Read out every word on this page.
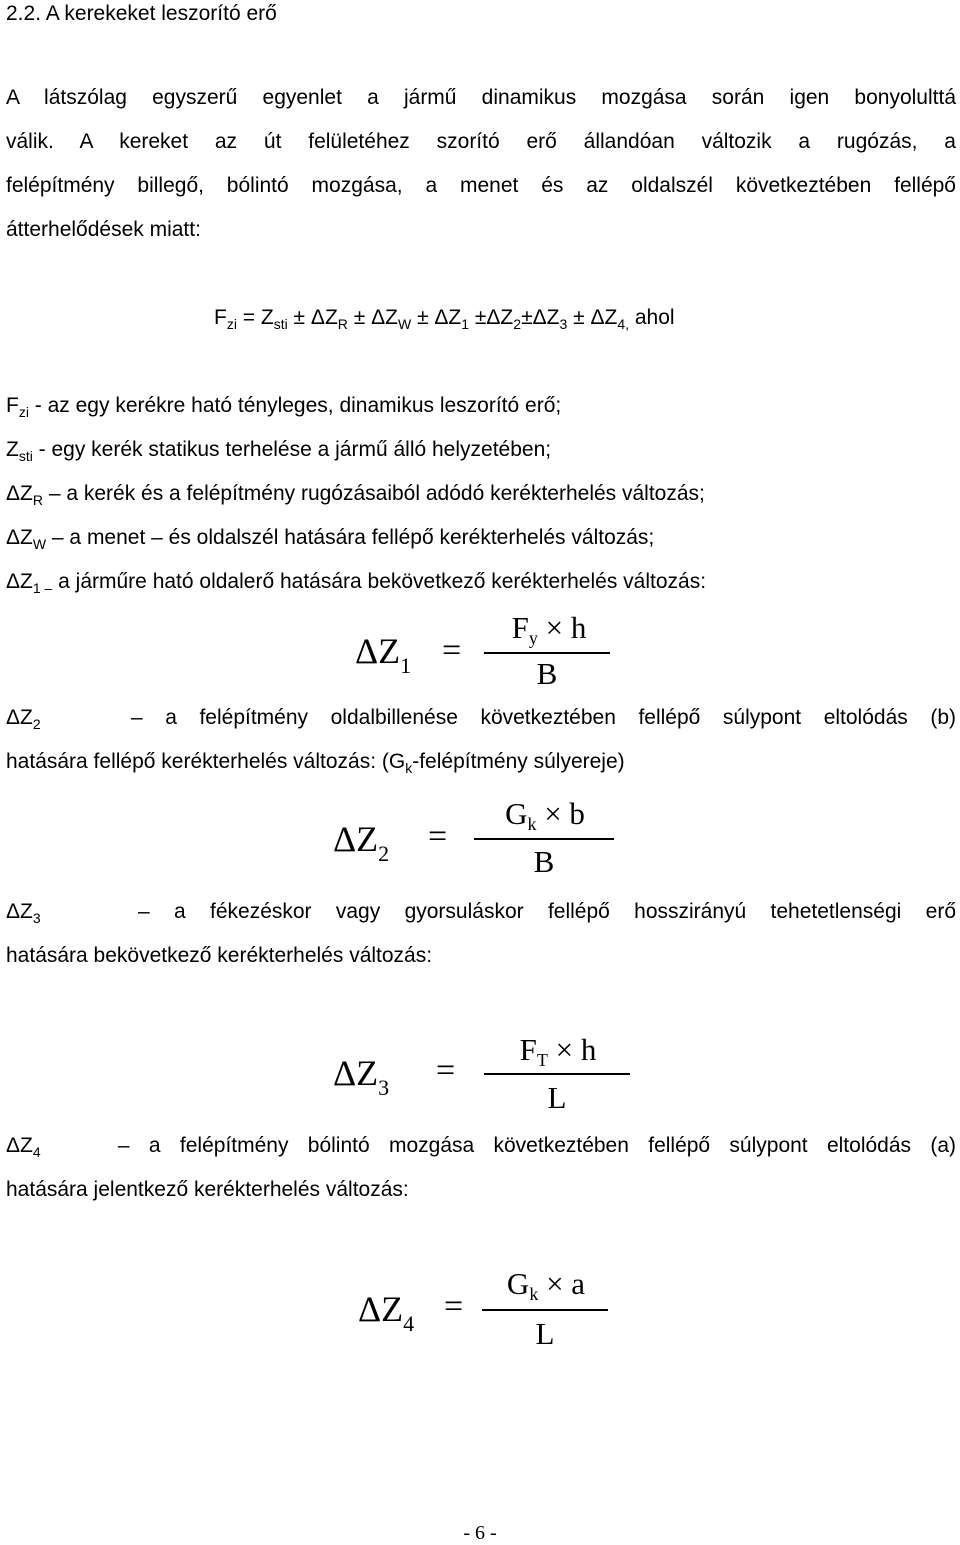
2.2. A kerekeket leszorító erő
A látszólag egyszerű egyenlet a jármű dinamikus mozgása során igen bonyolulttá
válik. A kereket az út felületéhez szorító erő állandóan változik a rugózás, a
felépítmény billegő, bólintó mozgása, a menet és az oldalszél következtében fellépő
átterhelődések miatt:
$F_{zi} = Z_{sti} \pm \Delta Z_R \pm \Delta Z_W \pm \Delta Z_1 \pm\Delta Z_2\pm\Delta Z_3 \pm \Delta Z_{4,}$ ahol
$F_{zi}$ - az egy kerékre ható tényleges, dinamikus leszorító erő;
$Z_{sti}$ - egy kerék statikus terhelése a jármű álló helyzetében;
$\Delta Z_R$ – a kerék és a felépítmény rugózásaiból adódó kerékterhelés változás;
$\Delta Z_W$ – a menet – és oldalszél hatására fellépő kerékterhelés változás;
$\Delta Z_{1 -}$ a járműre ható oldalerő hatására bekövetkező kerékterhelés változás:
$\Delta Z_1$ =
$F_y \times h$
B
$\Delta Z_2$	– a felépítmény oldalbillenése következtében fellépő súlypont eltolódás (b)
hatására fellépő kerékterhelés változás: ($G_k$-felépítmény súlyereje)
$\Delta Z_2$ =
$G_k \times b$
B
$\Delta Z_3$	– a fékezéskor vagy gyorsuláskor fellépő hosszirányú tehetetlenségi erő
hatására bekövetkező kerékterhelés változás:
$\Delta Z_3$ =
$F_T \times h$
L
$\Delta Z_4$	– a felépítmény bólintó mozgása következtében fellépő súlypont eltolódás (a)
hatására jelentkező kerékterhelés változás:
$\Delta Z_4$ =
$G_k \times a$
L
- 6 -
